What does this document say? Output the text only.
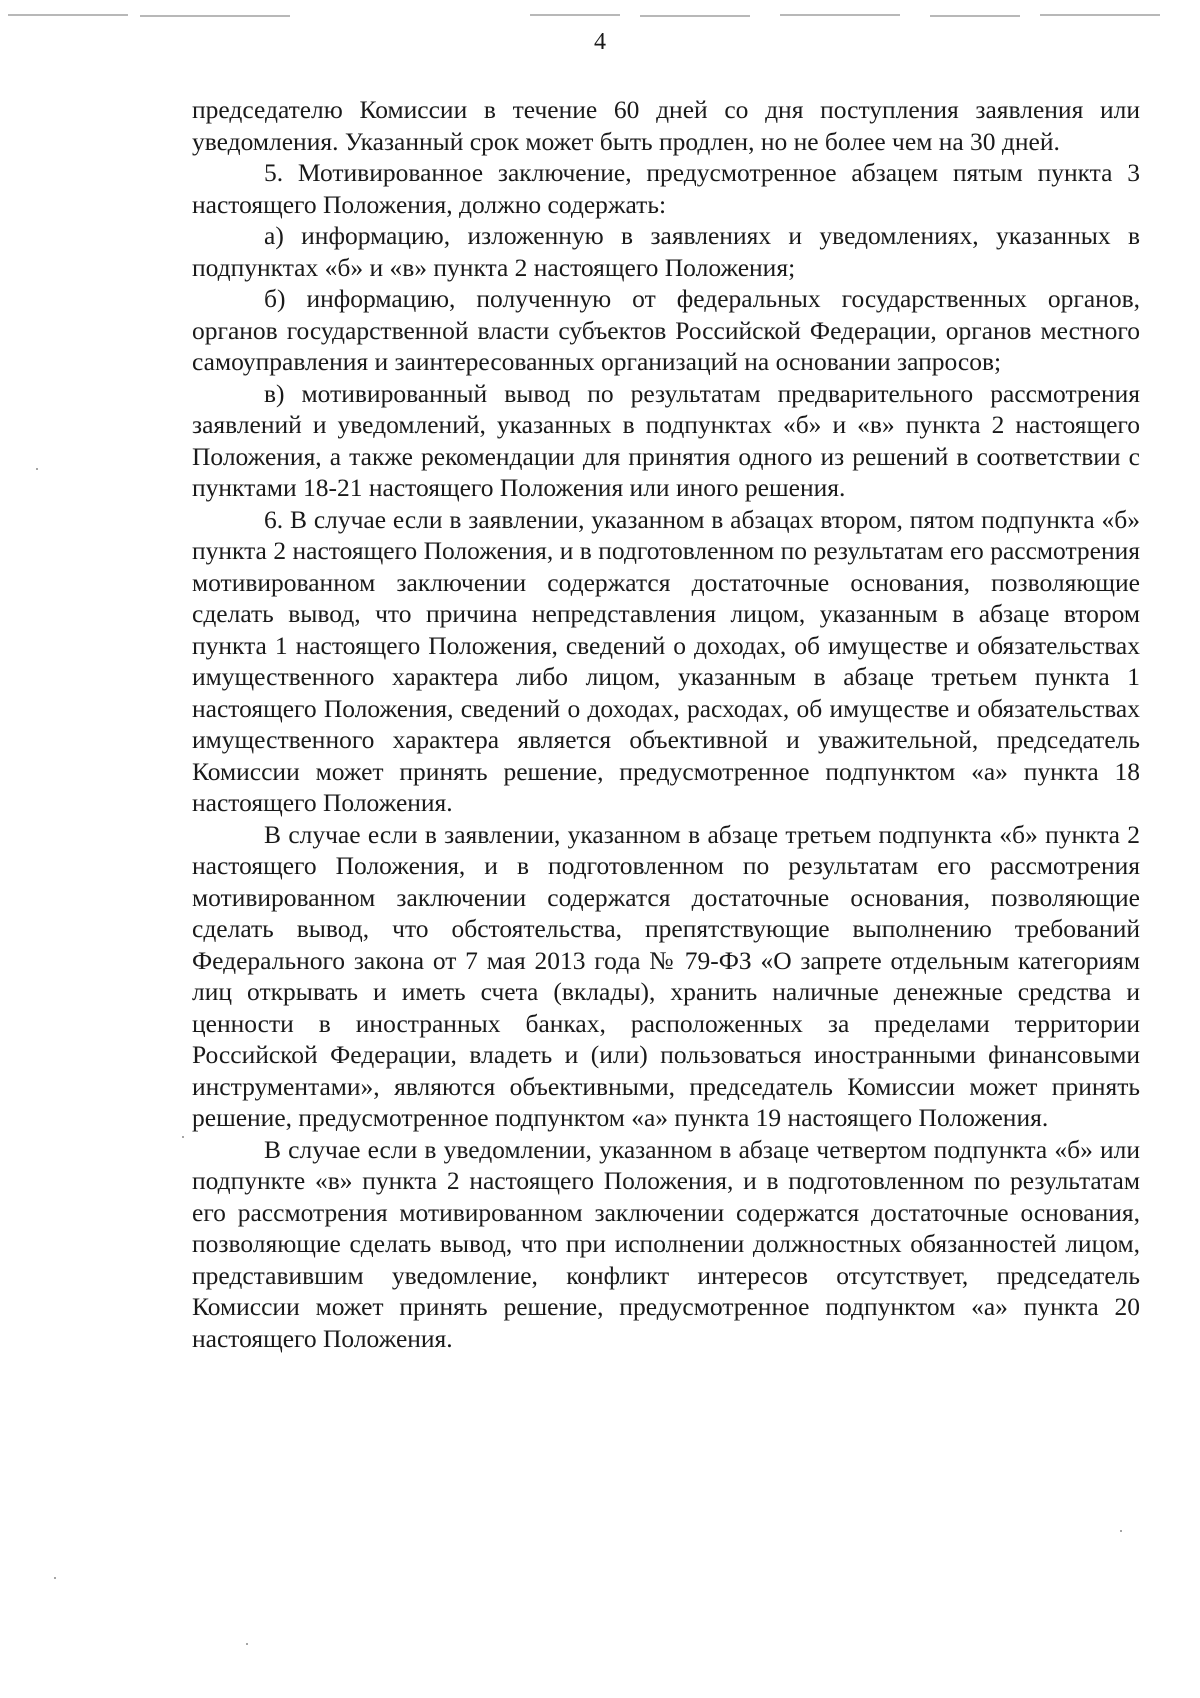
4

председателю Комиссии в течение 60 дней со дня поступления заявления или уведомления. Указанный срок может быть продлен, но не более чем на 30 дней.

5. Мотивированное заключение, предусмотренное абзацем пятым пункта 3 настоящего Положения, должно содержать:

а) информацию, изложенную в заявлениях и уведомлениях, указанных в подпунктах «б» и «в» пункта 2 настоящего Положения;

б) информацию, полученную от федеральных государственных органов, органов государственной власти субъектов Российской Федерации, органов местного самоуправления и заинтересованных организаций на основании запросов;

в) мотивированный вывод по результатам предварительного рассмотрения заявлений и уведомлений, указанных в подпунктах «б» и «в» пункта 2 настоящего Положения, а также рекомендации для принятия одного из решений в соответствии с пунктами 18-21 настоящего Положения или иного решения.

6. В случае если в заявлении, указанном в абзацах втором, пятом подпункта «б» пункта 2 настоящего Положения, и в подготовленном по результатам его рассмотрения мотивированном заключении содержатся достаточные основания, позволяющие сделать вывод, что причина непредставления лицом, указанным в абзаце втором пункта 1 настоящего Положения, сведений о доходах, об имуществе и обязательствах имущественного характера либо лицом, указанным в абзаце третьем пункта 1 настоящего Положения, сведений о доходах, расходах, об имуществе и обязательствах имущественного характера является объективной и уважительной, председатель Комиссии может принять решение, предусмотренное подпунктом «а» пункта 18 настоящего Положения.

В случае если в заявлении, указанном в абзаце третьем подпункта «б» пункта 2 настоящего Положения, и в подготовленном по результатам его рассмотрения мотивированном заключении содержатся достаточные основания, позволяющие сделать вывод, что обстоятельства, препятствующие выполнению требований Федерального закона от 7 мая 2013 года № 79-ФЗ «О запрете отдельным категориям лиц открывать и иметь счета (вклады), хранить наличные денежные средства и ценности в иностранных банках, расположенных за пределами территории Российской Федерации, владеть и (или) пользоваться иностранными финансовыми инструментами», являются объективными, председатель Комиссии может принять решение, предусмотренное подпунктом «а» пункта 19 настоящего Положения.

В случае если в уведомлении, указанном в абзаце четвертом подпункта «б» или подпункте «в» пункта 2 настоящего Положения, и в подготовленном по результатам его рассмотрения мотивированном заключении содержатся достаточные основания, позволяющие сделать вывод, что при исполнении должностных обязанностей лицом, представившим уведомление, конфликт интересов отсутствует, председатель Комиссии может принять решение, предусмотренное подпунктом «а» пункта 20 настоящего Положения.
